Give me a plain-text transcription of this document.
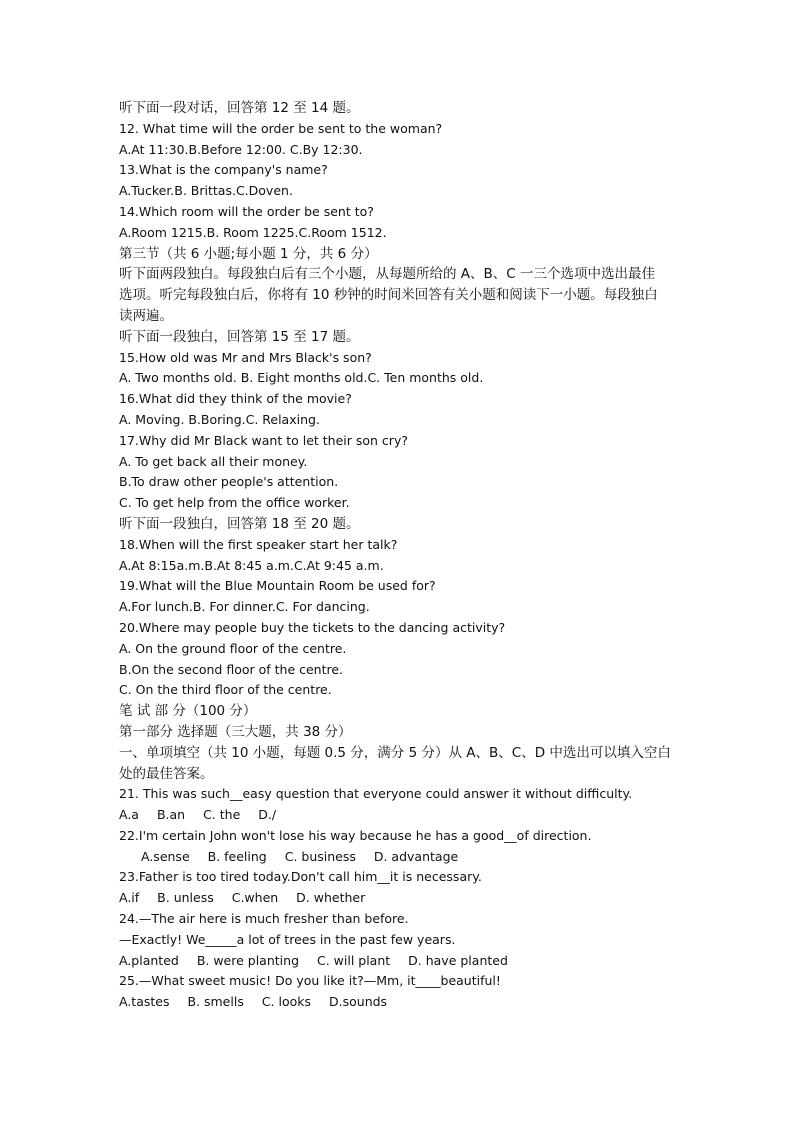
听下面一段对话，回答第 12 至 14 题。
12. What time will the order be sent to the woman?
A.At 11:30.B.Before 12:00. C.By 12:30.
13.What is the company's name?
A.Tucker.B. Brittas.C.Doven.
14.Which room will the order be sent to?
A.Room 1215.B. Room 1225.C.Room 1512.
第三节（共 6 小题;每小题 1 分，共 6 分）
听下面两段独白。每段独白后有三个小题，从每题所给的 A、B、C 一三个选项中选出最佳
选项。听完每段独白后，你将有 10 秒钟的时间米回答有关小题和阅读下一小题。每段独白
读两遍。
听下面一段独白，回答第 15 至 17 题。
15.How old was Mr and Mrs Black's son?
A. Two months old. B. Eight months old.C. Ten months old.
16.What did they think of the movie?
A. Moving. B.Boring.C. Relaxing.
17.Why did Mr Black want to let their son cry?
A. To get back all their money.
B.To draw other people's attention.
C. To get help from the office worker.
听下面一段独白，回答第 18 至 20 题。
18.When will the first speaker start her talk?
A.At 8:15a.m.B.At 8:45 a.m.C.At 9:45 a.m.
19.What will the Blue Mountain Room be used for?
A.For lunch.B. For dinner.C. For dancing.
20.Where may people buy the tickets to the dancing activity?
A. On the ground floor of the centre.
B.On the second floor of the centre.
C. On the third floor of the centre.
笔 试 部 分（100 分）
第一部分 选择题（三大题，共 38 分）
一、单项填空（共 10 小题，每题 0.5 分，满分 5 分）从 A、B、C、D 中选出可以填入空白
处的最佳答案。
21. This was such__easy question that everyone could answer it without difficulty.
A.a B.an C. the D./
22.I'm certain John won't lose his way because he has a good__of direction.
A.sense B. feeling C. business D. advantage
23.Father is too tired today.Don't call him__it is necessary.
A.if B. unless C.when D. whether
24.—The air here is much fresher than before.
—Exactly! We_____a lot of trees in the past few years.
A.planted B. were planting C. will plant D. have planted
25.—What sweet music! Do you like it?—Mm, it____beautiful!
A.tastes B. smells C. looks D.sounds
